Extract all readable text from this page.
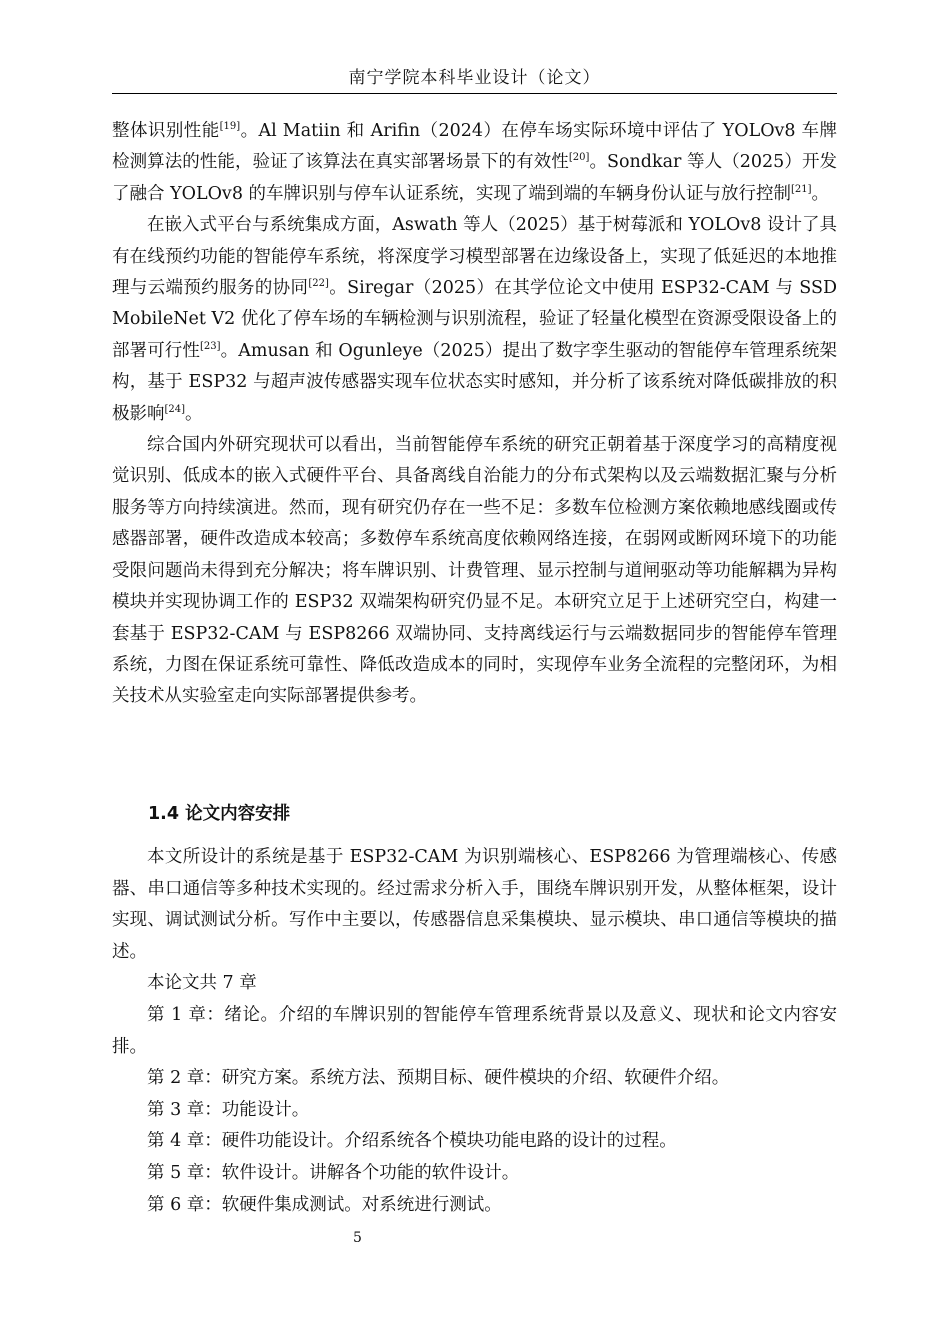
南宁学院本科毕业设计（论文）

整体识别性能[19]。Al Matiin 和 Arifin（2024）在停车场实际环境中评估了 YOLOv8 车牌检测算法的性能，验证了该算法在真实部署场景下的有效性[20]。Sondkar 等人（2025）开发了融合 YOLOv8 的车牌识别与停车认证系统，实现了端到端的车辆身份认证与放行控制[21]。

在嵌入式平台与系统集成方面，Aswath 等人（2025）基于树莓派和 YOLOv8 设计了具有在线预约功能的智能停车系统，将深度学习模型部署在边缘设备上，实现了低延迟的本地推理与云端预约服务的协同[22]。Siregar（2025）在其学位论文中使用 ESP32-CAM 与 SSD MobileNet V2 优化了停车场的车辆检测与识别流程，验证了轻量化模型在资源受限设备上的部署可行性[23]。Amusan 和 Ogunleye（2025）提出了数字孪生驱动的智能停车管理系统架构，基于 ESP32 与超声波传感器实现车位状态实时感知，并分析了该系统对降低碳排放的积极影响[24]。

综合国内外研究现状可以看出，当前智能停车系统的研究正朝着基于深度学习的高精度视觉识别、低成本的嵌入式硬件平台、具备离线自治能力的分布式架构以及云端数据汇聚与分析服务等方向持续演进。然而，现有研究仍存在一些不足：多数车位检测方案依赖地感线圈或传感器部署，硬件改造成本较高；多数停车系统高度依赖网络连接，在弱网或断网环境下的功能受限问题尚未得到充分解决；将车牌识别、计费管理、显示控制与道闸驱动等功能解耦为异构模块并实现协调工作的 ESP32 双端架构研究仍显不足。本研究立足于上述研究空白，构建一套基于 ESP32-CAM 与 ESP8266 双端协同、支持离线运行与云端数据同步的智能停车管理系统，力图在保证系统可靠性、降低改造成本的同时，实现停车业务全流程的完整闭环，为相关技术从实验室走向实际部署提供参考。

1.4 论文内容安排

本文所设计的系统是基于 ESP32-CAM 为识别端核心、ESP8266 为管理端核心、传感器、串口通信等多种技术实现的。经过需求分析入手，围绕车牌识别开发，从整体框架，设计实现、调试测试分析。写作中主要以，传感器信息采集模块、显示模块、串口通信等模块的描述。

本论文共 7 章

第 1 章：绪论。介绍的车牌识别的智能停车管理系统背景以及意义、现状和论文内容安排。

第 2 章：研究方案。系统方法、预期目标、硬件模块的介绍、软硬件介绍。

第 3 章：功能设计。

第 4 章：硬件功能设计。介绍系统各个模块功能电路的设计的过程。

第 5 章：软件设计。讲解各个功能的软件设计。

第 6 章：软硬件集成测试。对系统进行测试。

5
